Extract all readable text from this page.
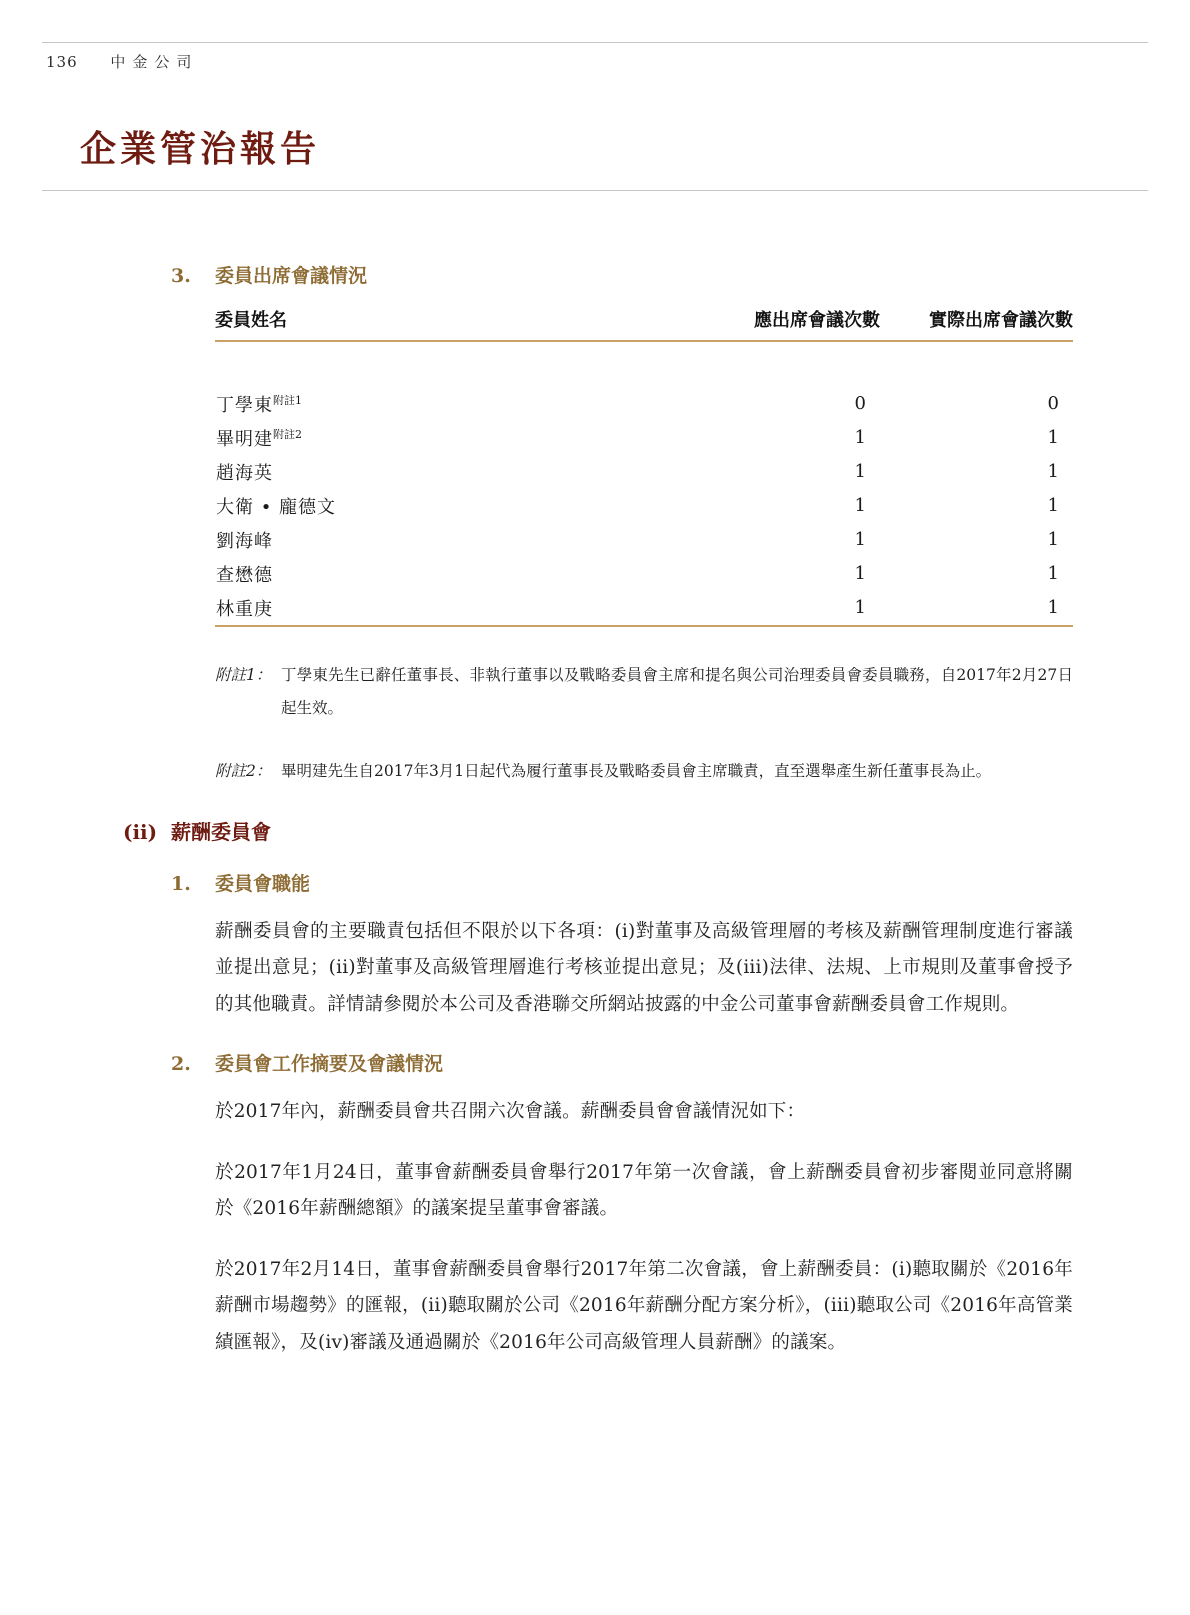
136 中金公司
企業管治報告
3. 委員出席會議情況
委員姓名	應出席會議次數	實際出席會議次數

丁學東$^{附註1}$	0	0
畢明建$^{附註2}$	1	1
趙海英	1	1
大衛 • 龐德文	1	1
劉海峰	1	1
查懋德	1	1
林重庚	1	1
附註1： 丁學東先生已辭任董事長、非執行董事以及戰略委員會主席和提名與公司治理委員會委員職務，自2017年2月27日起生效。
附註2： 畢明建先生自2017年3月1日起代為履行董事長及戰略委員會主席職責，直至選舉產生新任董事長為止。
(ii) 薪酬委員會
1. 委員會職能

薪酬委員會的主要職責包括但不限於以下各項：(i)對董事及高級管理層的考核及薪酬管理制度進行審議並提出意見；(ii)對董事及高級管理層進行考核並提出意見；及(iii)法律、法規、上市規則及董事會授予的其他職責。詳情請參閱於本公司及香港聯交所網站披露的中金公司董事會薪酬委員會工作規則。

2. 委員會工作摘要及會議情況

於2017年內，薪酬委員會共召開六次會議。薪酬委員會會議情況如下：

於2017年1月24日，董事會薪酬委員會舉行2017年第一次會議，會上薪酬委員會初步審閱並同意將關於《2016年薪酬總額》的議案提呈董事會審議。

於2017年2月14日，董事會薪酬委員會舉行2017年第二次會議，會上薪酬委員：(i)聽取關於《2016年薪酬市場趨勢》的匯報，(ii)聽取關於公司《2016年薪酬分配方案分析》，(iii)聽取公司《2016年高管業績匯報》，及(iv)審議及通過關於《2016年公司高級管理人員薪酬》的議案。
